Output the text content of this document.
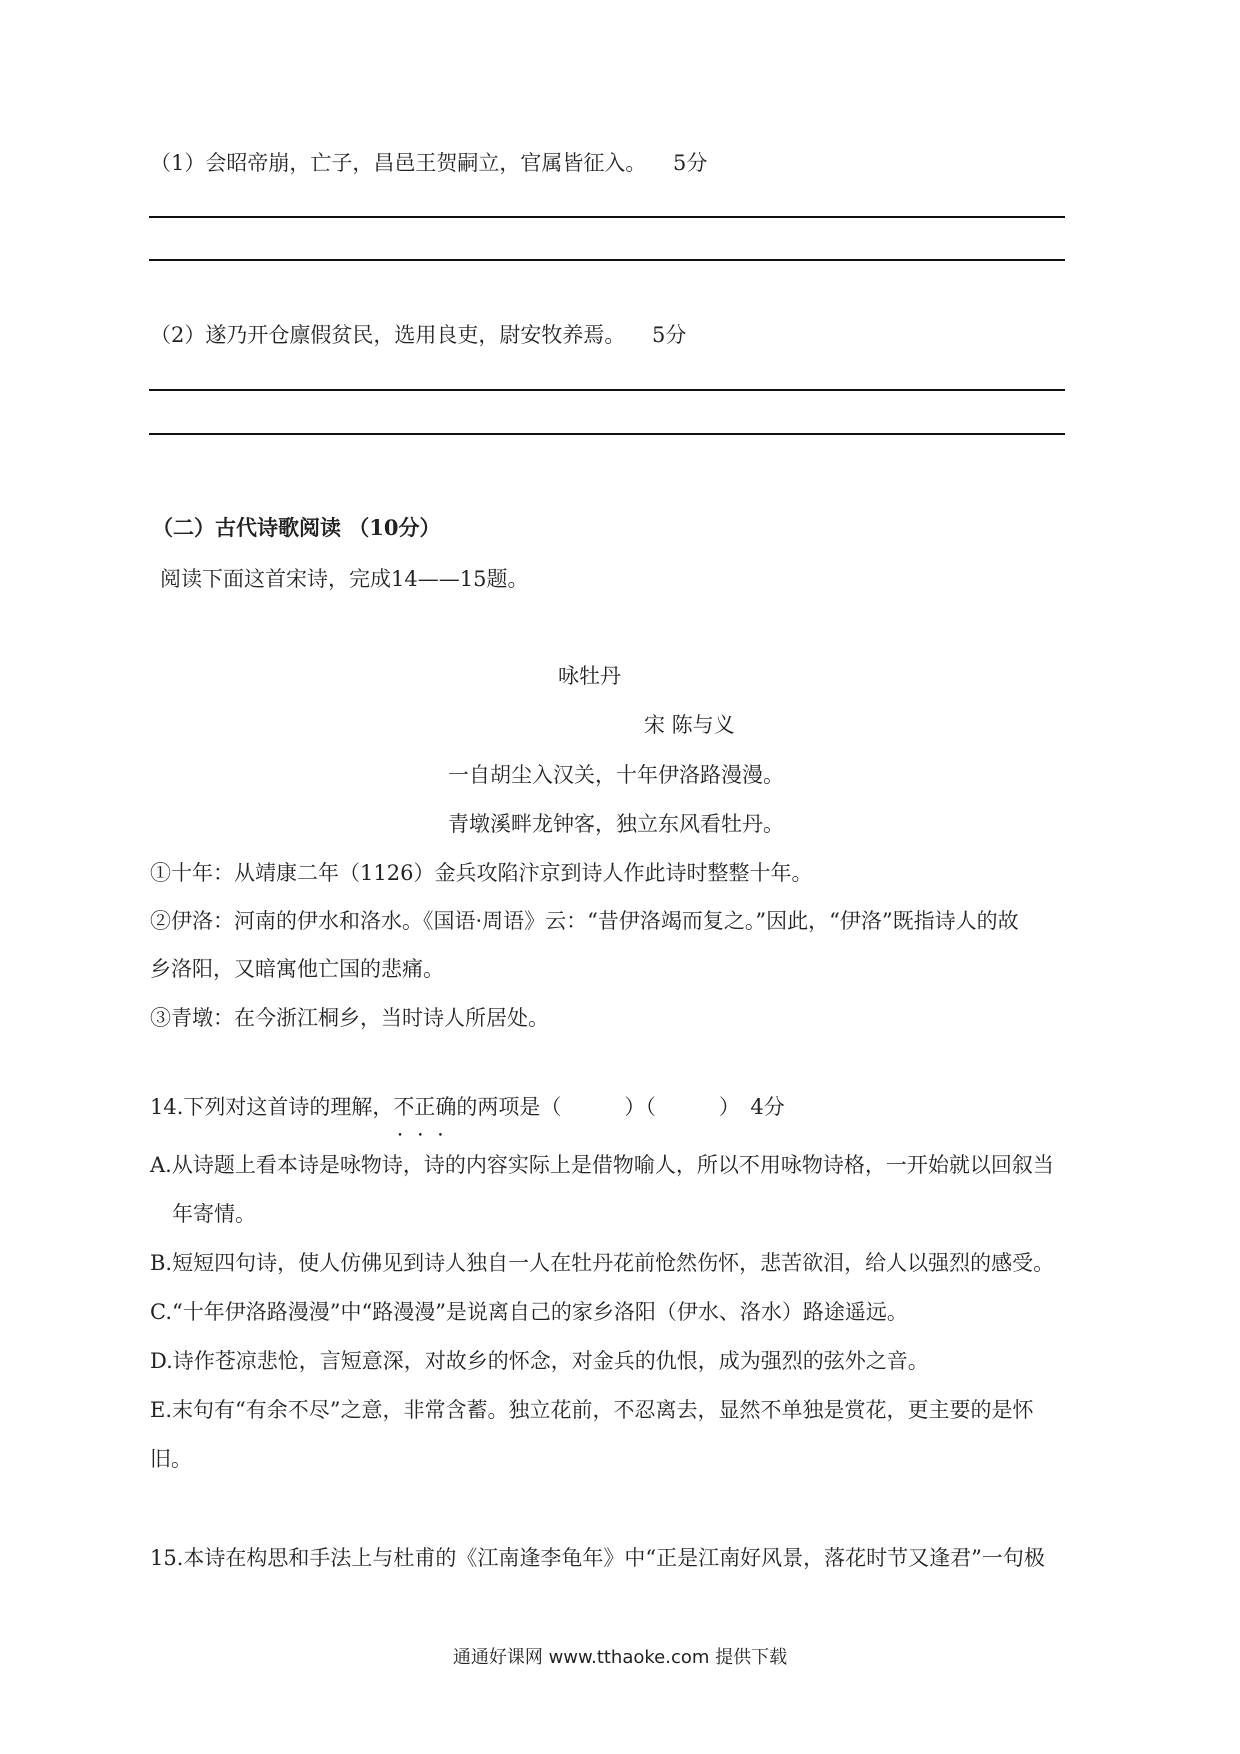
（1）会昭帝崩，亡子，昌邑王贺嗣立，官属皆征入。 5分
（2）遂乃开仓廪假贫民，选用良吏，尉安牧养焉。 5分
（二）古代诗歌阅读 （10分）
阅读下面这首宋诗，完成14——15题。
咏牡丹
宋 陈与义
一自胡尘入汉关，十年伊洛路漫漫。
青墩溪畔龙钟客，独立东风看牡丹。
①十年：从靖康二年（1126）金兵攻陷汴京到诗人作此诗时整整十年。
②伊洛：河南的伊水和洛水。《国语·周语》云：“昔伊洛竭而复之。”因此，“伊洛”既指诗人的故
乡洛阳，又暗寓他亡国的悲痛。
③青墩：在今浙江桐乡，当时诗人所居处。
14.下列对这首诗的理解，不正确 • • •的两项是（　　　）（　　　）　4分
A.从诗题上看本诗是咏物诗，诗的内容实际上是借物喻人，所以不用咏物诗格，一开始就以回叙当
年寄情。
B.短短四句诗，使人仿佛见到诗人独自一人在牡丹花前怆然伤怀，悲苦欲泪，给人以强烈的感受。
C.“十年伊洛路漫漫”中“路漫漫”是说离自己的家乡洛阳（伊水、洛水）路途遥远。
D.诗作苍凉悲怆，言短意深，对故乡的怀念，对金兵的仇恨，成为强烈的弦外之音。
E.末句有“有余不尽”之意，非常含蓄。独立花前，不忍离去，显然不单独是赏花，更主要的是怀
旧。
15.本诗在构思和手法上与杜甫的《江南逢李龟年》中“正是江南好风景，落花时节又逢君”一句极
通通好课网 www.tthaoke.com 提供下载
